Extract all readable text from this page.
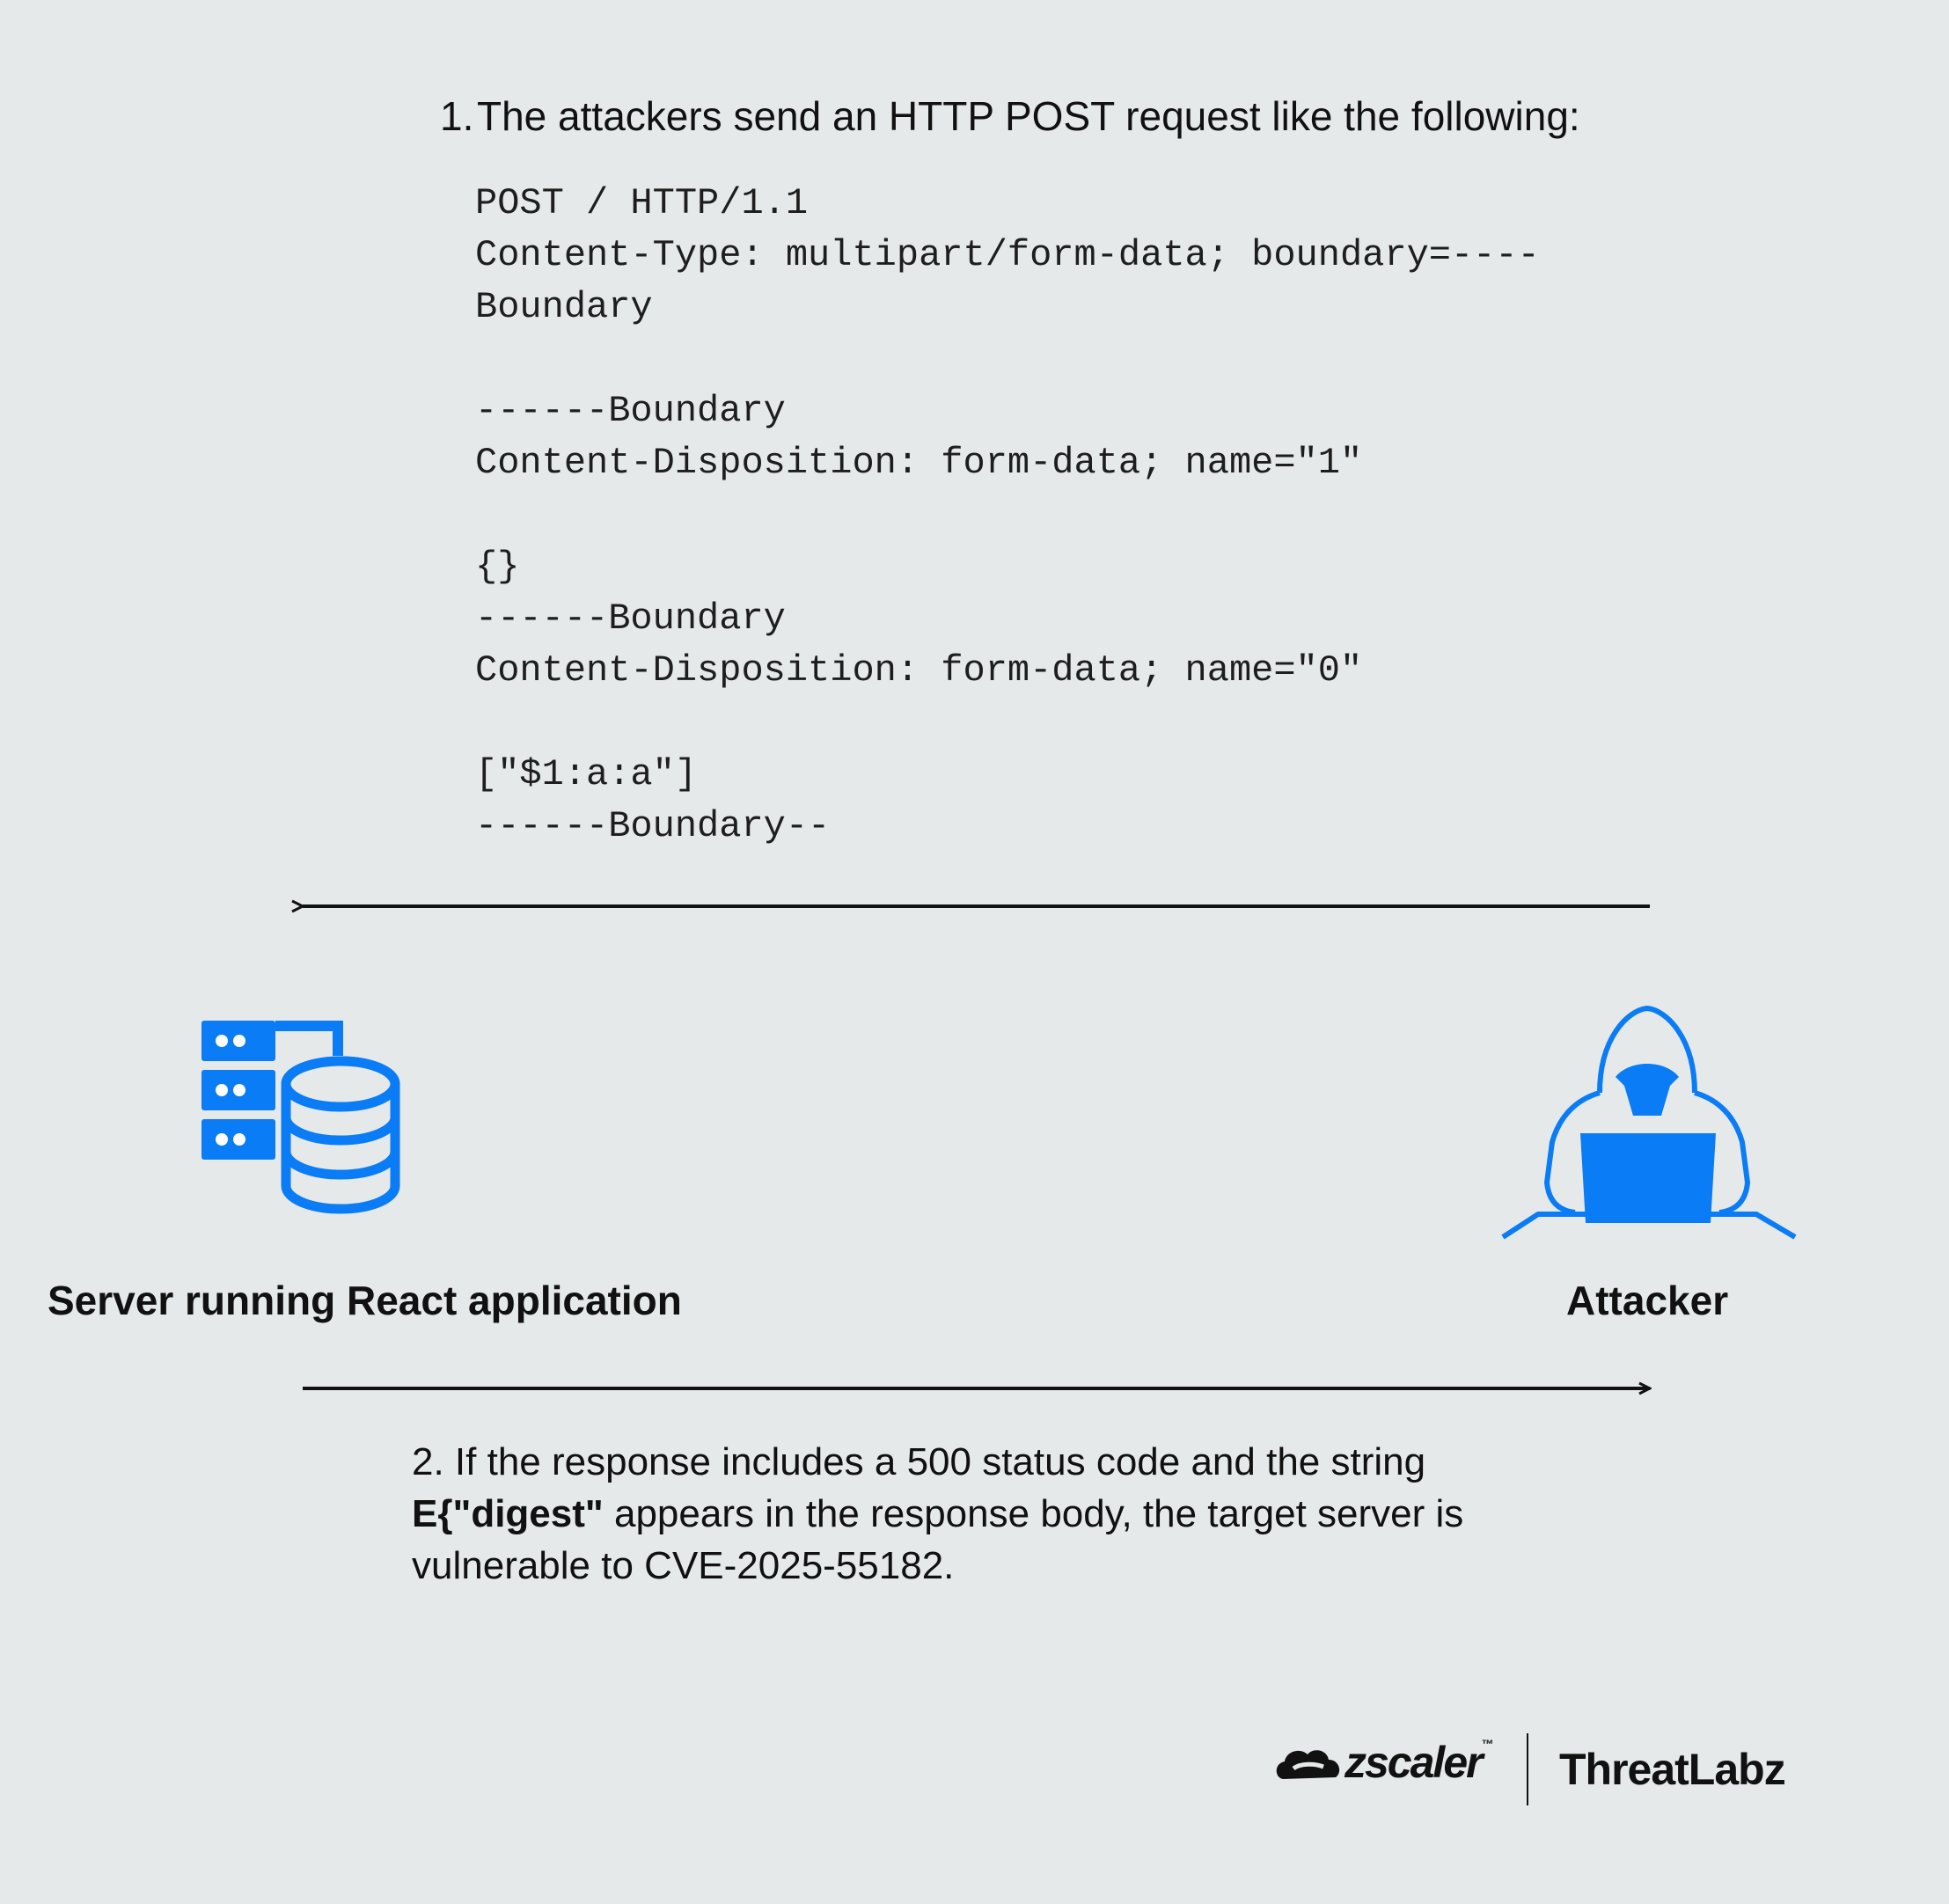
1.The attackers send an HTTP POST request like the following:
POST / HTTP/1.1
Content-Type: multipart/form-data; boundary=----
Boundary
------Boundary
Content-Disposition: form-data; name="1"
{}
------Boundary
Content-Disposition: form-data; name="0"
["$1:a:a"]
------Boundary--
Server running React application	Attacker
2. If the response includes a 500 status code and the string
E{"digest" appears in the response body, the target server is vulnerable to CVE-2025-55182.
zscaler™
ThreatLabz
